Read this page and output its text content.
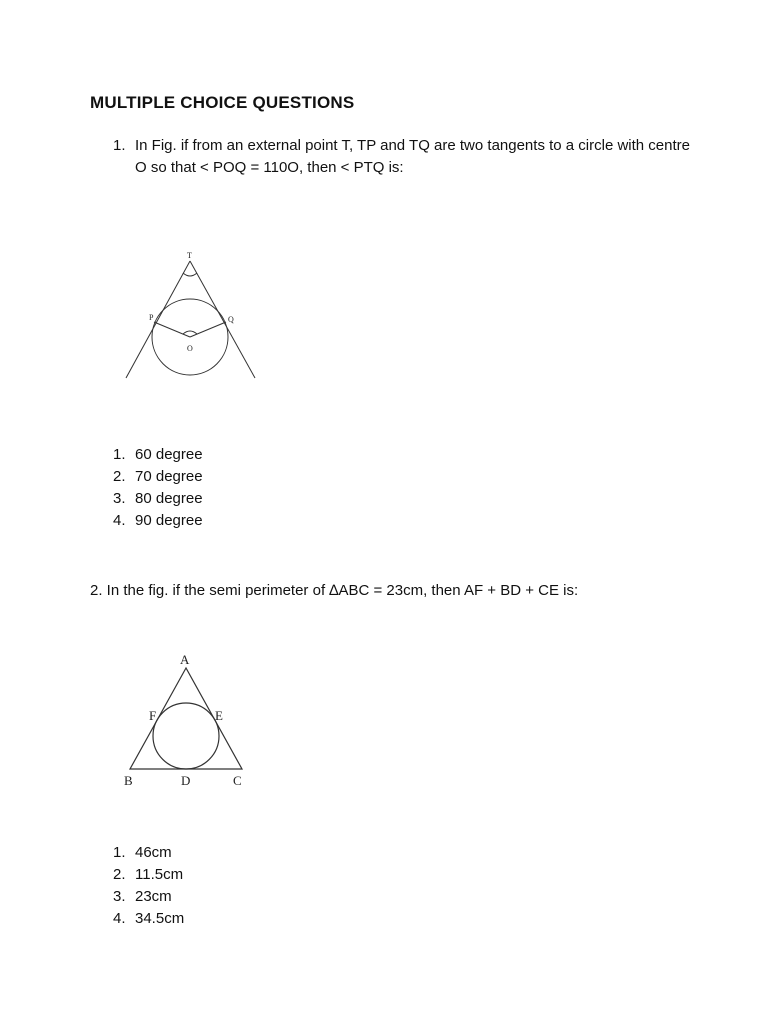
MULTIPLE CHOICE QUESTIONS
1. In Fig. if from an external point T, TP and TQ are two tangents to a circle with centre O so that < POQ = 110O, then < PTQ is:
T
P	Q
O
1. 60 degree
2. 70 degree
3. 80 degree
4. 90 degree
2. In the fig. if the semi perimeter of ∆ABC = 23cm, then AF + BD + CE is:
A
F	E
B	D	C
1. 46cm
2. 11.5cm
3. 23cm
4. 34.5cm
